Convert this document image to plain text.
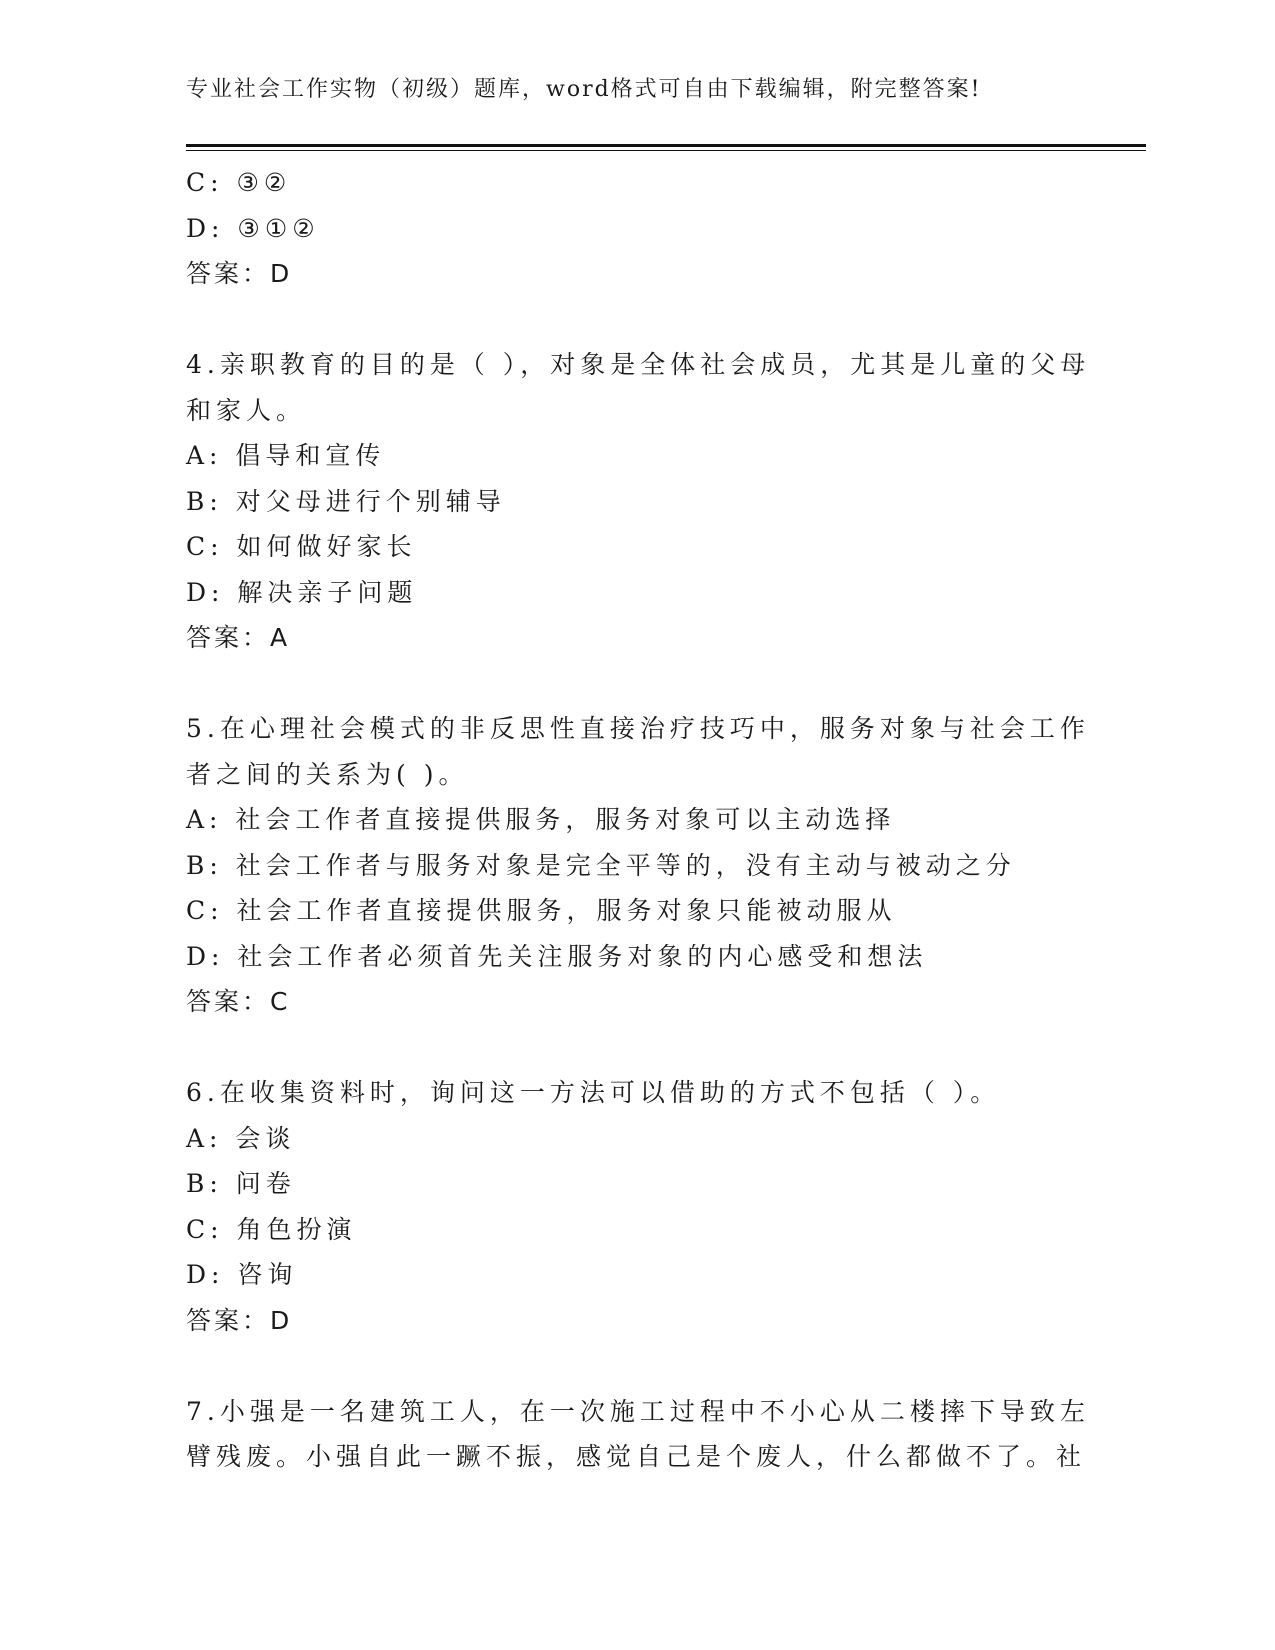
专业社会工作实物（初级）题库，word格式可自由下载编辑，附完整答案!
C: ③②
D: ③①②
答案：D
4.亲职教育的目的是（ ），对象是全体社会成员，尤其是儿童的父母
和家人。
A: 倡导和宣传
B: 对父母进行个别辅导
C: 如何做好家长
D: 解决亲子问题
答案：A
5.在心理社会模式的非反思性直接治疗技巧中，服务对象与社会工作
者之间的关系为( )。
A: 社会工作者直接提供服务，服务对象可以主动选择
B: 社会工作者与服务对象是完全平等的，没有主动与被动之分
C: 社会工作者直接提供服务，服务对象只能被动服从
D: 社会工作者必须首先关注服务对象的内心感受和想法
答案：C
6.在收集资料时，询问这一方法可以借助的方式不包括（ ）。
A: 会谈
B: 问卷
C: 角色扮演
D: 咨询
答案：D
7.小强是一名建筑工人，在一次施工过程中不小心从二楼摔下导致左
臂残废。小强自此一蹶不振，感觉自己是个废人，什么都做不了。社
